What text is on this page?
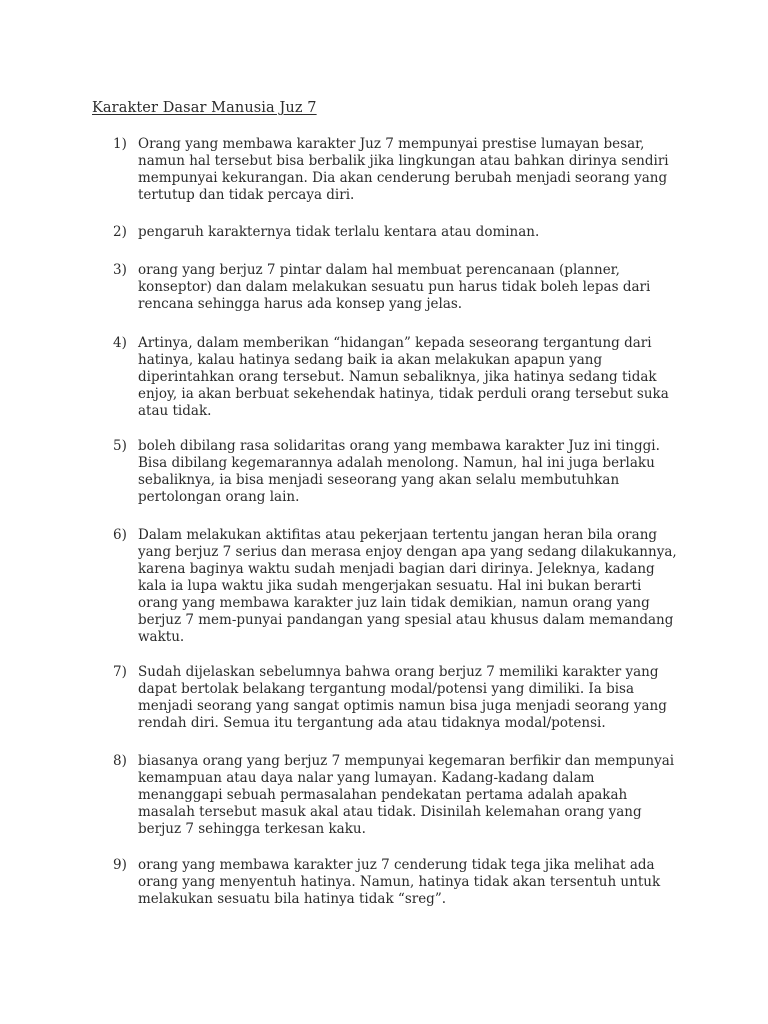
Karakter Dasar Manusia Juz 7
1) Orang yang membawa karakter Juz 7 mempunyai prestise lumayan besar,
namun hal tersebut bisa berbalik jika lingkungan atau bahkan dirinya sendiri
mempunyai kekurangan. Dia akan cenderung berubah menjadi seorang yang
tertutup dan tidak percaya diri.
2) pengaruh karakternya tidak terlalu kentara atau dominan.
3) orang yang berjuz 7 pintar dalam hal membuat perencanaan (planner,
konseptor) dan dalam melakukan sesuatu pun harus tidak boleh lepas dari
rencana sehingga harus ada konsep yang jelas.
4) Artinya, dalam memberikan “hidangan” kepada seseorang tergantung dari
hatinya, kalau hatinya sedang baik ia akan melakukan apapun yang
diperintahkan orang tersebut. Namun sebaliknya, jika hatinya sedang tidak
enjoy, ia akan berbuat sekehendak hatinya, tidak perduli orang tersebut suka
atau tidak.
5) boleh dibilang rasa solidaritas orang yang membawa karakter Juz ini tinggi.
Bisa dibilang kegemarannya adalah menolong. Namun, hal ini juga berlaku
sebaliknya, ia bisa menjadi seseorang yang akan selalu membutuhkan
pertolongan orang lain.
6) Dalam melakukan aktifitas atau pekerjaan tertentu jangan heran bila orang
yang berjuz 7 serius dan merasa enjoy dengan apa yang sedang dilakukannya,
karena baginya waktu sudah menjadi bagian dari dirinya. Jeleknya, kadang
kala ia lupa waktu jika sudah mengerjakan sesuatu. Hal ini bukan berarti
orang yang membawa karakter juz lain tidak demikian, namun orang yang
berjuz 7 mem-punyai pandangan yang spesial atau khusus dalam memandang
waktu.
7) Sudah dijelaskan sebelumnya bahwa orang berjuz 7 memiliki karakter yang
dapat bertolak belakang tergantung modal/potensi yang dimiliki. Ia bisa
menjadi seorang yang sangat optimis namun bisa juga menjadi seorang yang
rendah diri. Semua itu tergantung ada atau tidaknya modal/potensi.
8) biasanya orang yang berjuz 7 mempunyai kegemaran berfikir dan mempunyai
kemampuan atau daya nalar yang lumayan. Kadang-kadang dalam
menanggapi sebuah permasalahan pendekatan pertama adalah apakah
masalah tersebut masuk akal atau tidak. Disinilah kelemahan orang yang
berjuz 7 sehingga terkesan kaku.
9) orang yang membawa karakter juz 7 cenderung tidak tega jika melihat ada
orang yang menyentuh hatinya. Namun, hatinya tidak akan tersentuh untuk
melakukan sesuatu bila hatinya tidak “sreg”.
